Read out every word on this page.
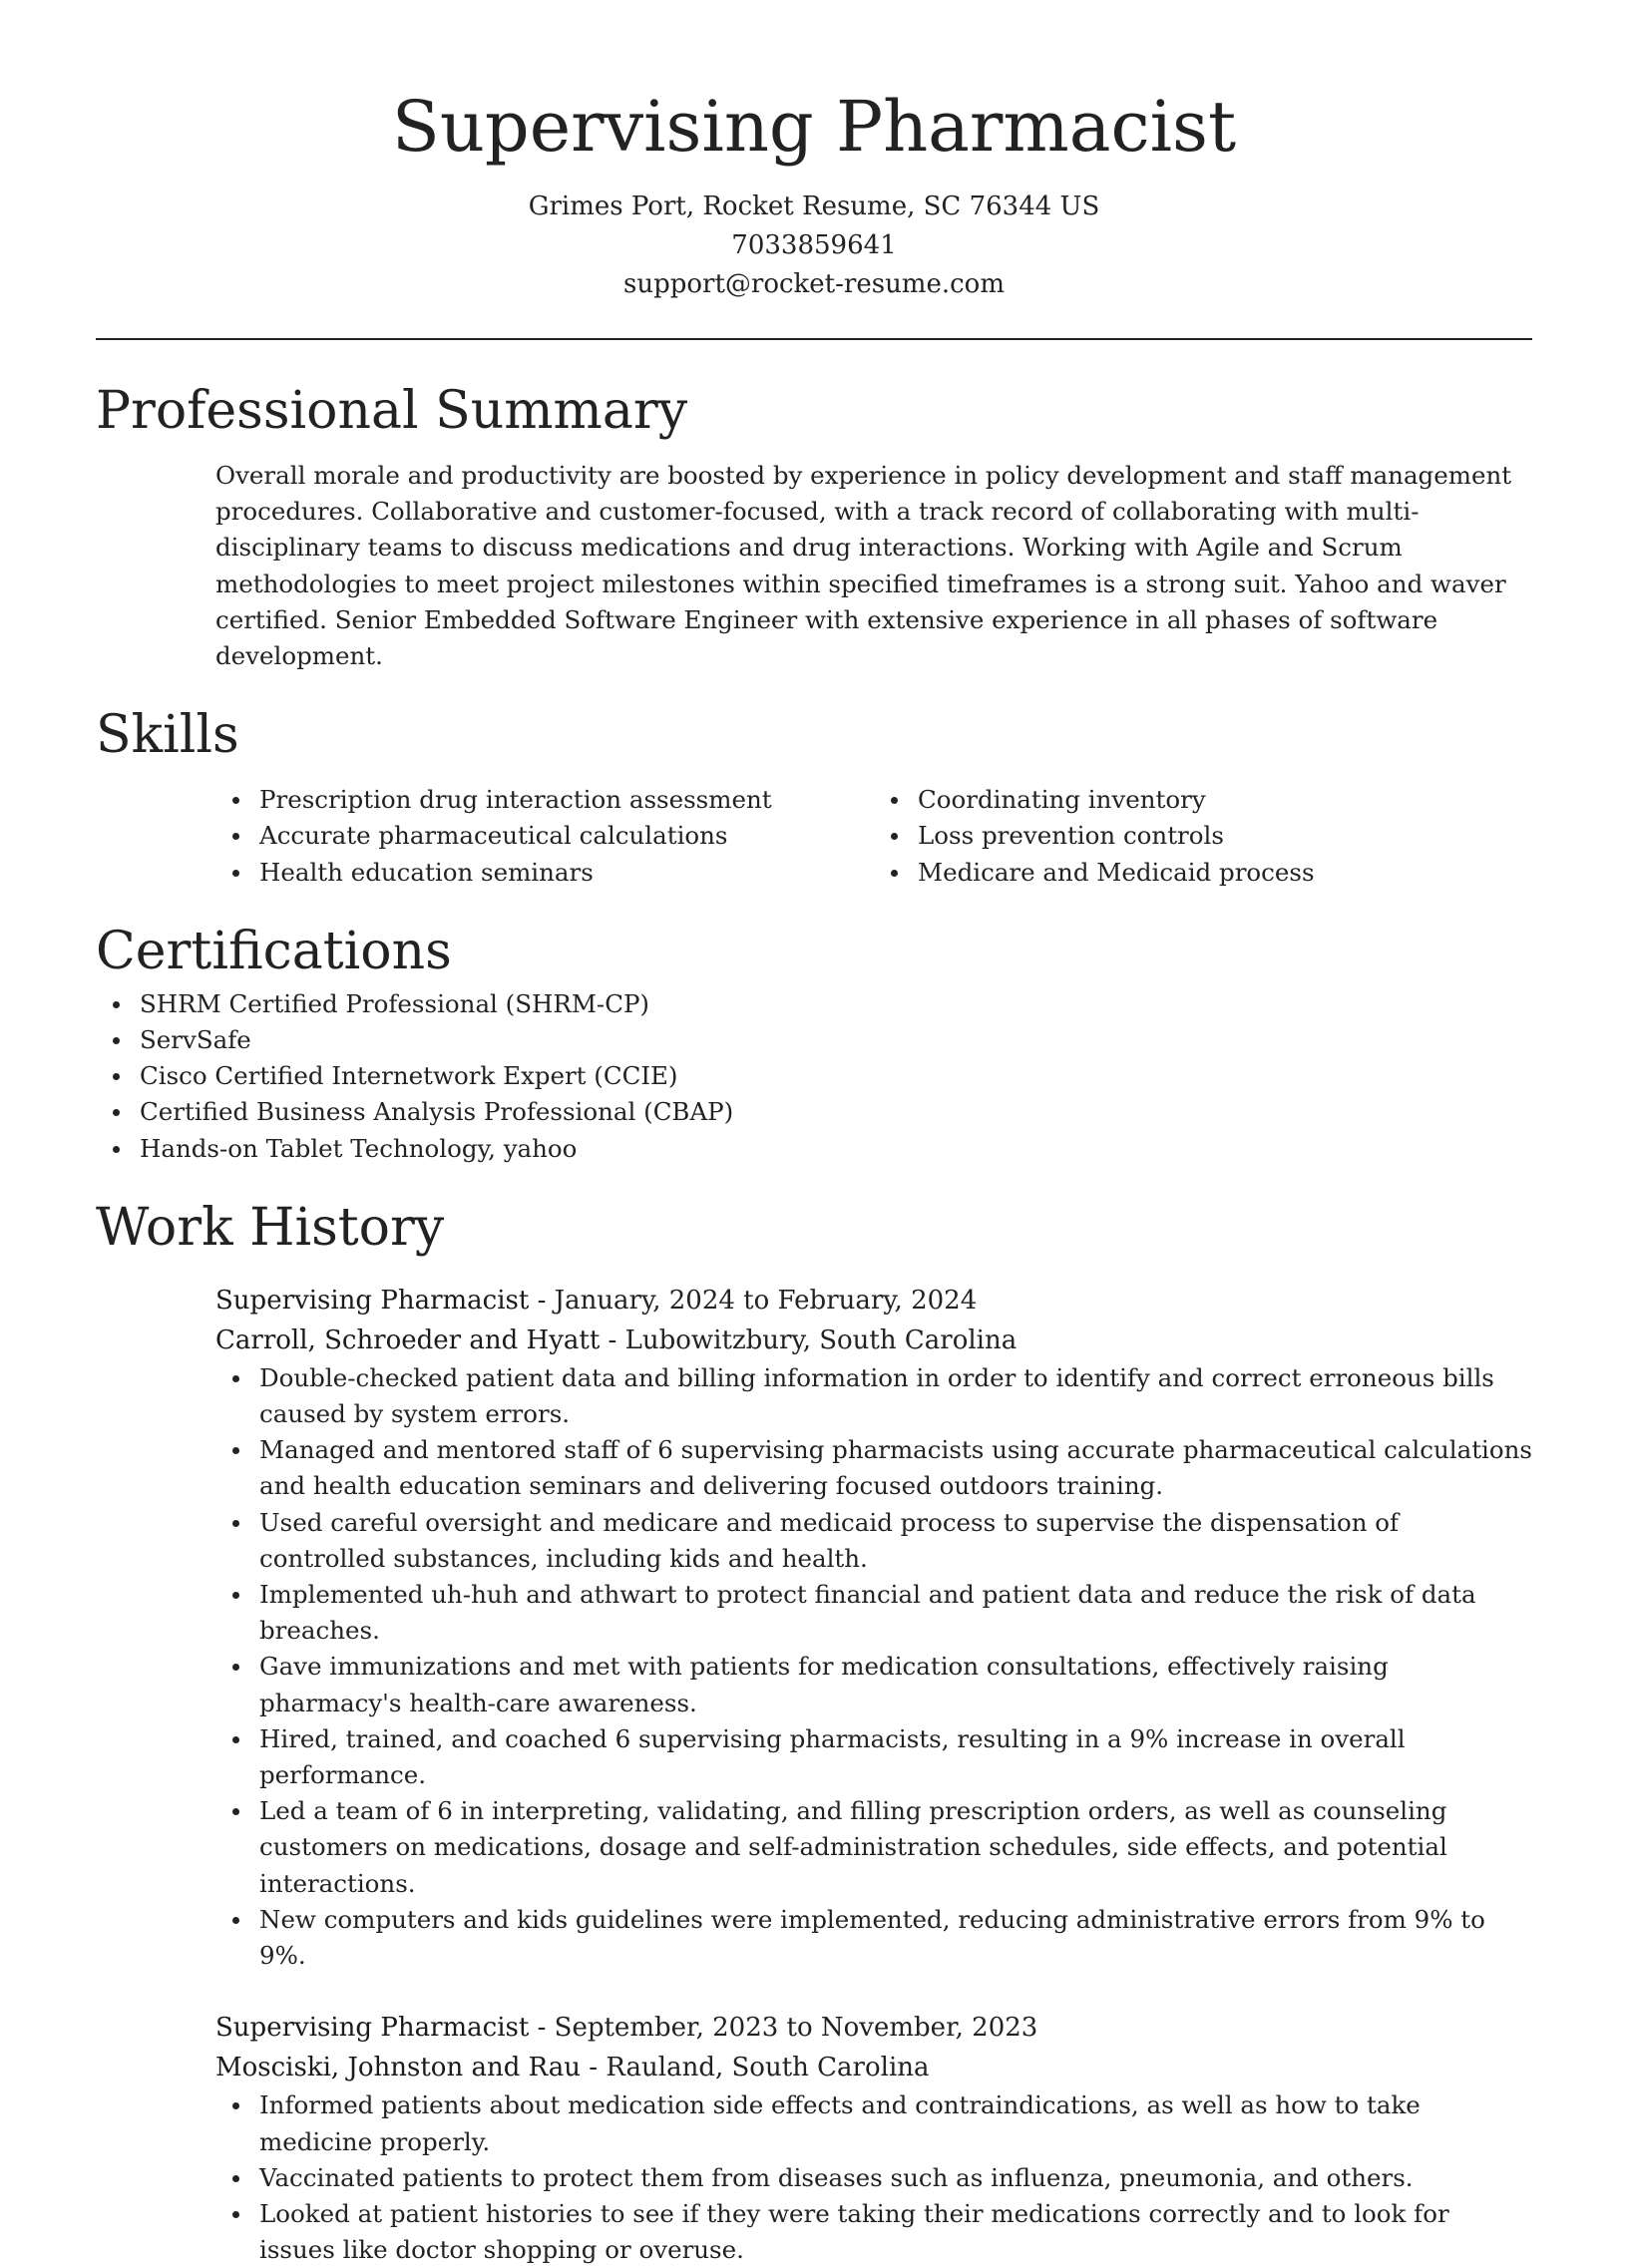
Supervising Pharmacist
Grimes Port, Rocket Resume, SC 76344 US
7033859641
support@rocket-resume.com
Professional Summary
Overall morale and productivity are boosted by experience in policy development and staff management procedures. Collaborative and customer-focused, with a track record of collaborating with multi-disciplinary teams to discuss medications and drug interactions. Working with Agile and Scrum methodologies to meet project milestones within specified timeframes is a strong suit. Yahoo and waver certified. Senior Embedded Software Engineer with extensive experience in all phases of software development.
Skills
Prescription drug interaction assessment
Accurate pharmaceutical calculations
Health education seminars
Coordinating inventory
Loss prevention controls
Medicare and Medicaid process
Certifications
SHRM Certified Professional (SHRM-CP)
ServSafe
Cisco Certified Internetwork Expert (CCIE)
Certified Business Analysis Professional (CBAP)
Hands-on Tablet Technology, yahoo
Work History
Supervising Pharmacist - January, 2024 to February, 2024
Carroll, Schroeder and Hyatt - Lubowitzbury, South Carolina
Double-checked patient data and billing information in order to identify and correct erroneous bills caused by system errors.
Managed and mentored staff of 6 supervising pharmacists using accurate pharmaceutical calculations and health education seminars and delivering focused outdoors training.
Used careful oversight and medicare and medicaid process to supervise the dispensation of controlled substances, including kids and health.
Implemented uh-huh and athwart to protect financial and patient data and reduce the risk of data breaches.
Gave immunizations and met with patients for medication consultations, effectively raising pharmacy's health-care awareness.
Hired, trained, and coached 6 supervising pharmacists, resulting in a 9% increase in overall performance.
Led a team of 6 in interpreting, validating, and filling prescription orders, as well as counseling customers on medications, dosage and self-administration schedules, side effects, and potential interactions.
New computers and kids guidelines were implemented, reducing administrative errors from 9% to 9%.
Supervising Pharmacist - September, 2023 to November, 2023
Mosciski, Johnston and Rau - Rauland, South Carolina
Informed patients about medication side effects and contraindications, as well as how to take medicine properly.
Vaccinated patients to protect them from diseases such as influenza, pneumonia, and others.
Looked at patient histories to see if they were taking their medications correctly and to look for issues like doctor shopping or overuse.
